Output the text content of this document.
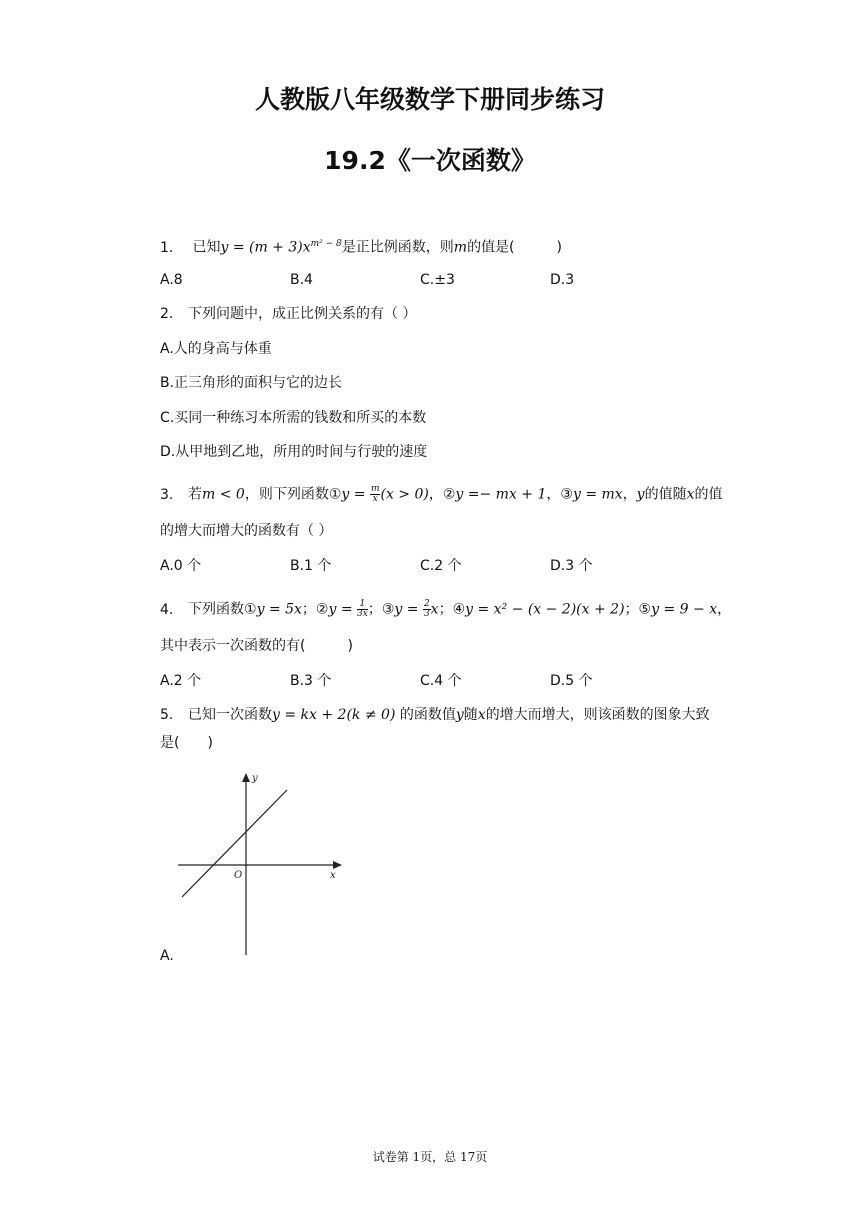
人教版八年级数学下册同步练习
19.2《一次函数》
1. 已知$y = (m + 3)x^{m^2 - 8}$是正比例函数，则m的值是(　　　)
A.8	B.4	C.±3	D.3
2. 下列问题中，成正比例关系的有（ ）
A.人的身高与体重
B.正三角形的面积与它的边长
C.买同一种练习本所需的钱数和所买的本数
D.从甲地到乙地，所用的时间与行驶的速度
3. 若m < 0，则下列函数①y = $\frac{m}{x} (x > 0)$，②y =− mx + 1，③y = mx，y的值随x的值
的增大而增大的函数有（ ）
A.0 个	B.1 个	C.2 个	D.3 个
4. 下列函数①y = 5x；②y = $\frac{1}{3x}$ ；③y = $\frac{2}{3}$ x；④y = x² − (x − 2)(x + 2)；⑤y = 9 − x，
其中表示一次函数的有(　　　)
A.2 个	B.3 个	C.4 个	D.5 个
5. 已知一次函数y = kx + 2(k ≠ 0) 的函数值y随x的增大而增大，则该函数的图象大致
是(　　)
y
x
O
A.
试卷第 1页，总 17页
